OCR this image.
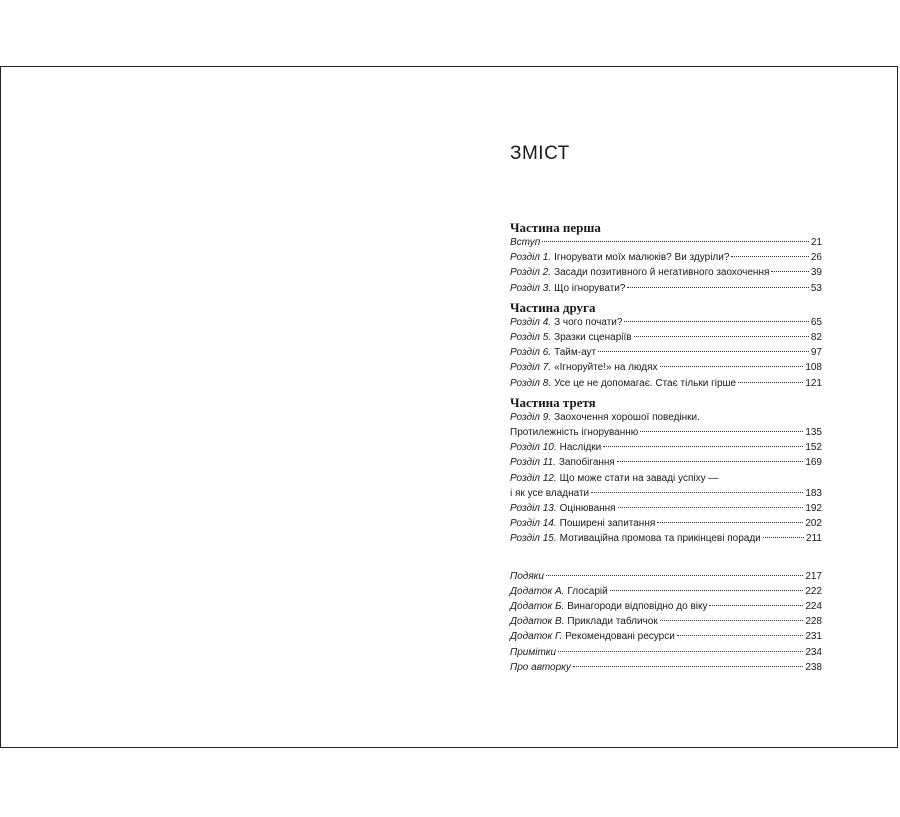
ЗМІСТ
Частина перша
Вступ	21
Розділ 1. Ігнорувати моїх малюків? Ви здуріли?	26
Розділ 2. Засади позитивного й негативного заохочення	39
Розділ 3. Що ігнорувати?	53
Частина друга
Розділ 4. З чого почати?	65
Розділ 5. Зразки сценаріїв	82
Розділ 6. Тайм-аут	97
Розділ 7. «Ігноруйте!» на людях	108
Розділ 8. Усе це не допомагає. Стає тільки гірше	121
Частина третя
Розділ 9. Заохочення хорошої поведінки.
Протилежність ігноруванню	135
Розділ 10. Наслідки	152
Розділ 11. Запобігання	169
Розділ 12. Що може стати на заваді успіху —
і як усе владнати	183
Розділ 13. Оцінювання	192
Розділ 14. Поширені запитання	202
Розділ 15. Мотиваційна промова та прикінцеві поради	211
Подяки	217
Додаток А. Глосарій	222
Додаток Б. Винагороди відповідно до віку	224
Додаток В. Приклади табличок	228
Додаток Г. Рекомендовані ресурси	231
Примітки	234
Про авторку	238
